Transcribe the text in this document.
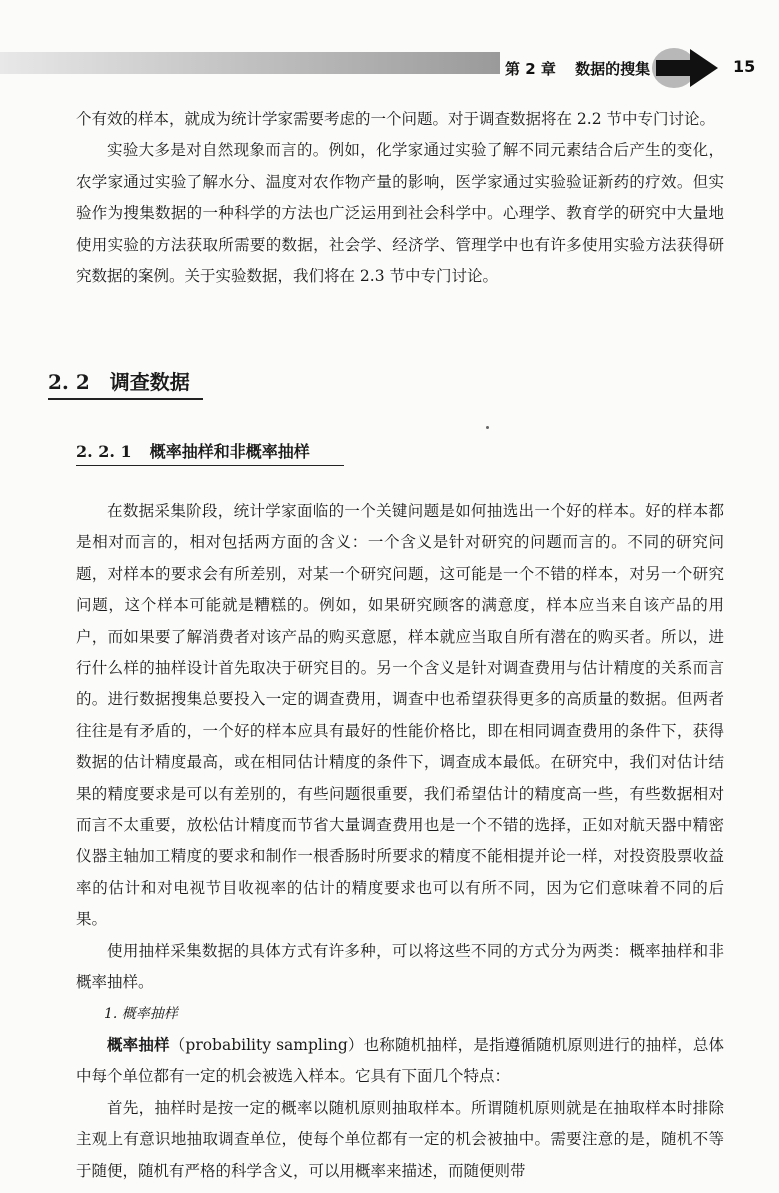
第 2 章 数据的搜集	15

个有效的样本，就成为统计学家需要考虑的一个问题。对于调查数据将在 2.2 节中专门讨论。

实验大多是对自然现象而言的。例如，化学家通过实验了解不同元素结合后产生的变化，农学家通过实验了解水分、温度对农作物产量的影响，医学家通过实验验证新药的疗效。但实验作为搜集数据的一种科学的方法也广泛运用到社会科学中。心理学、教育学的研究中大量地使用实验的方法获取所需要的数据，社会学、经济学、管理学中也有许多使用实验方法获得研究数据的案例。关于实验数据，我们将在 2.3 节中专门讨论。

2. 2 调查数据
2. 2. 1 概率抽样和非概率抽样

在数据采集阶段，统计学家面临的一个关键问题是如何抽选出一个好的样本。好的样本都是相对而言的，相对包括两方面的含义：一个含义是针对研究的问题而言的。不同的研究问题，对样本的要求会有所差别，对某一个研究问题，这可能是一个不错的样本，对另一个研究问题，这个样本可能就是糟糕的。例如，如果研究顾客的满意度，样本应当来自该产品的用户，而如果要了解消费者对该产品的购买意愿，样本就应当取自所有潜在的购买者。所以，进行什么样的抽样设计首先取决于研究目的。另一个含义是针对调查费用与估计精度的关系而言的。进行数据搜集总要投入一定的调查费用，调查中也希望获得更多的高质量的数据。但两者往往是有矛盾的，一个好的样本应具有最好的性能价格比，即在相同调查费用的条件下，获得数据的估计精度最高，或在相同估计精度的条件下，调查成本最低。在研究中，我们对估计结果的精度要求是可以有差别的，有些问题很重要，我们希望估计的精度高一些，有些数据相对而言不太重要，放松估计精度而节省大量调查费用也是一个不错的选择，正如对航天器中精密仪器主轴加工精度的要求和制作一根香肠时所要求的精度不能相提并论一样，对投资股票收益率的估计和对电视节目收视率的估计的精度要求也可以有所不同，因为它们意味着不同的后果。

使用抽样采集数据的具体方式有许多种，可以将这些不同的方式分为两类：概率抽样和非概率抽样。

1. 概率抽样

概率抽样（probability sampling）也称随机抽样，是指遵循随机原则进行的抽样，总体中每个单位都有一定的机会被选入样本。它具有下面几个特点：

首先，抽样时是按一定的概率以随机原则抽取样本。所谓随机原则就是在抽取样本时排除主观上有意识地抽取调查单位，使每个单位都有一定的机会被抽中。需要注意的是，随机不等于随便，随机有严格的科学含义，可以用概率来描述，而随便则带
